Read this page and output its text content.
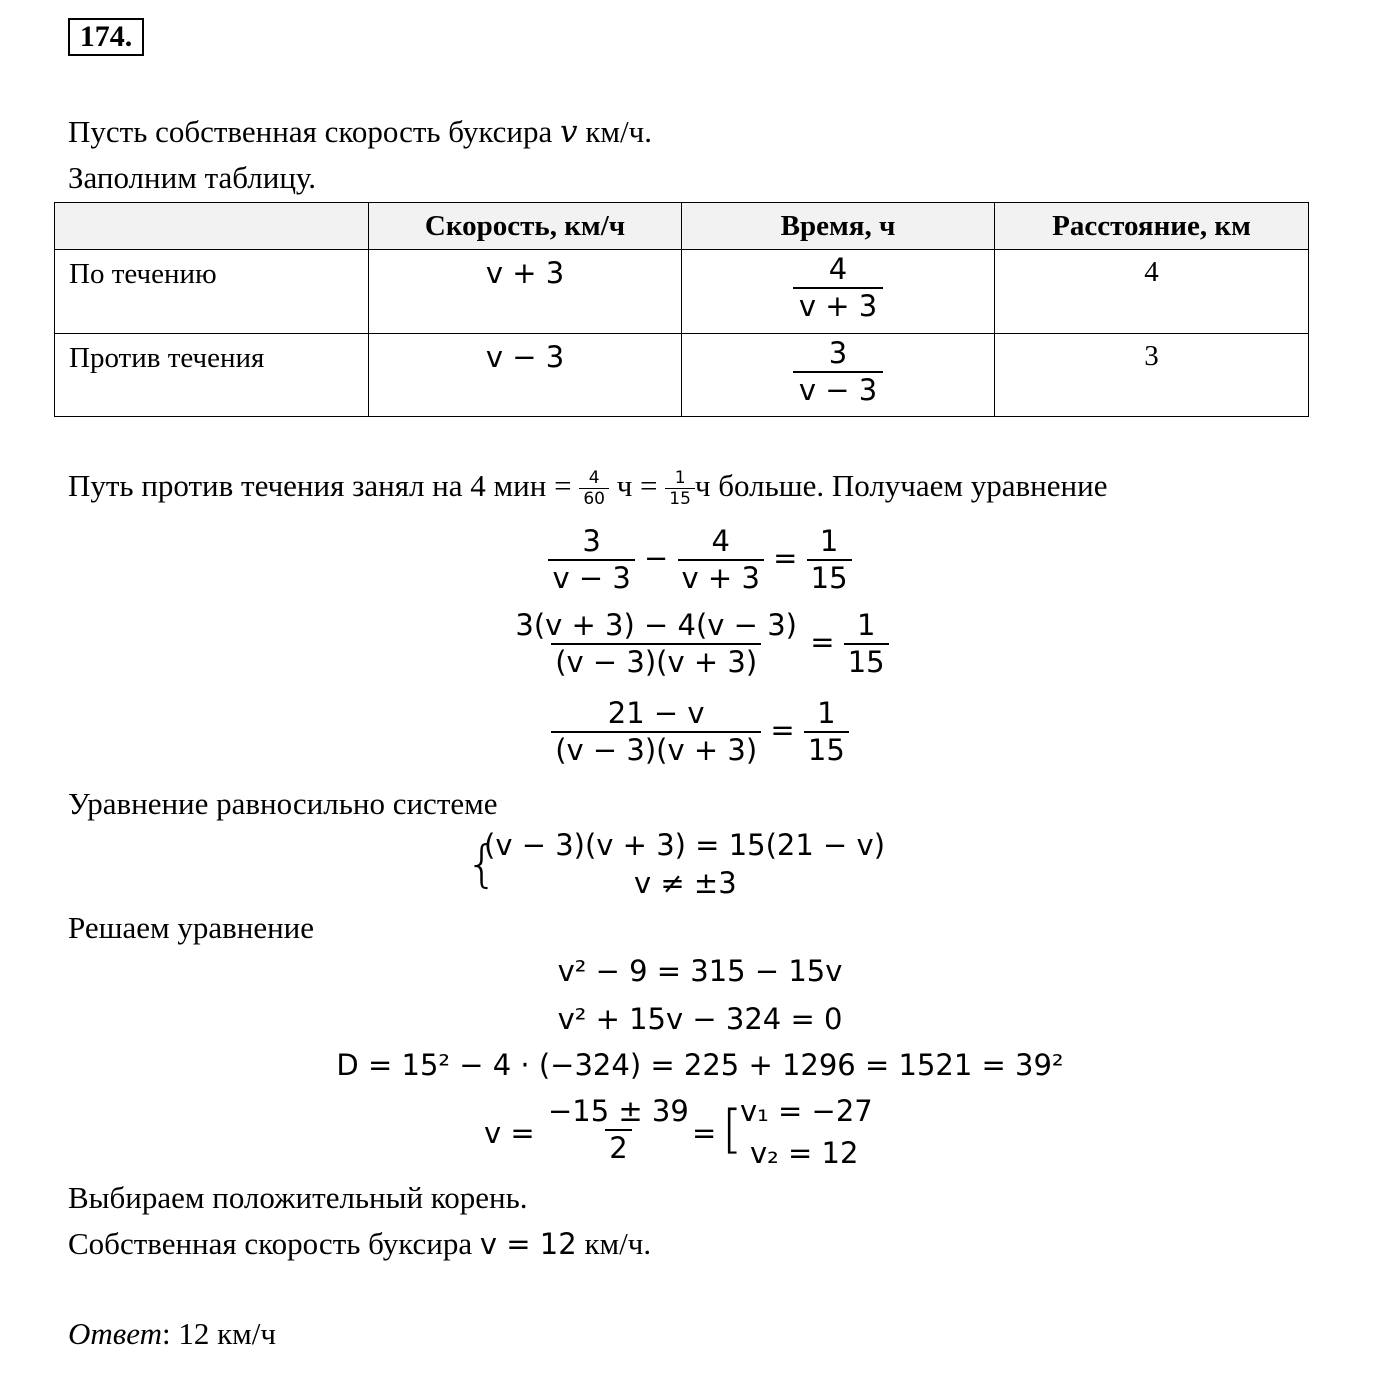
174.
Пусть собственная скорость буксира v км/ч.
Заполним таблицу.
	Скорость, км/ч	Время, ч	Расстояние, км
По течению	v + 3	$\frac{4}{v + 3}$	4
Против течения	v − 3	$\frac{3}{v - 3}$	3
Путь против течения занял на 4 мин = $\frac{4}{60}$ $ч = \frac{1}{15}$ ч больше. Получаем уравнение
$\frac{3}{v - 3} - \frac{4}{v + 3} = \frac{1}{15}$
$\frac{3(v + 3) - 4(v - 3)}{(v - 3)(v + 3)} = \frac{1}{15}$
$\frac{21 - v}{(v - 3)(v + 3)} = \frac{1}{15}$
Уравнение равносильно системе
{
(v − 3)(v + 3) = 15(21 − v)
v ≠ ±3
Решаем уравнение
v² − 9 = 315 − 15v
v² + 15v − 324 = 0
D = 15² − 4 · (−324) = 225 + 1296 = 1521 = 39²
$v = \frac{-15 \pm 39}{2}$ = [
v₁ = −27
v₂ = 12
Выбираем положительный корень.
Собственная скорость буксира v = 12 км/ч.
Ответ: 12 км/ч
